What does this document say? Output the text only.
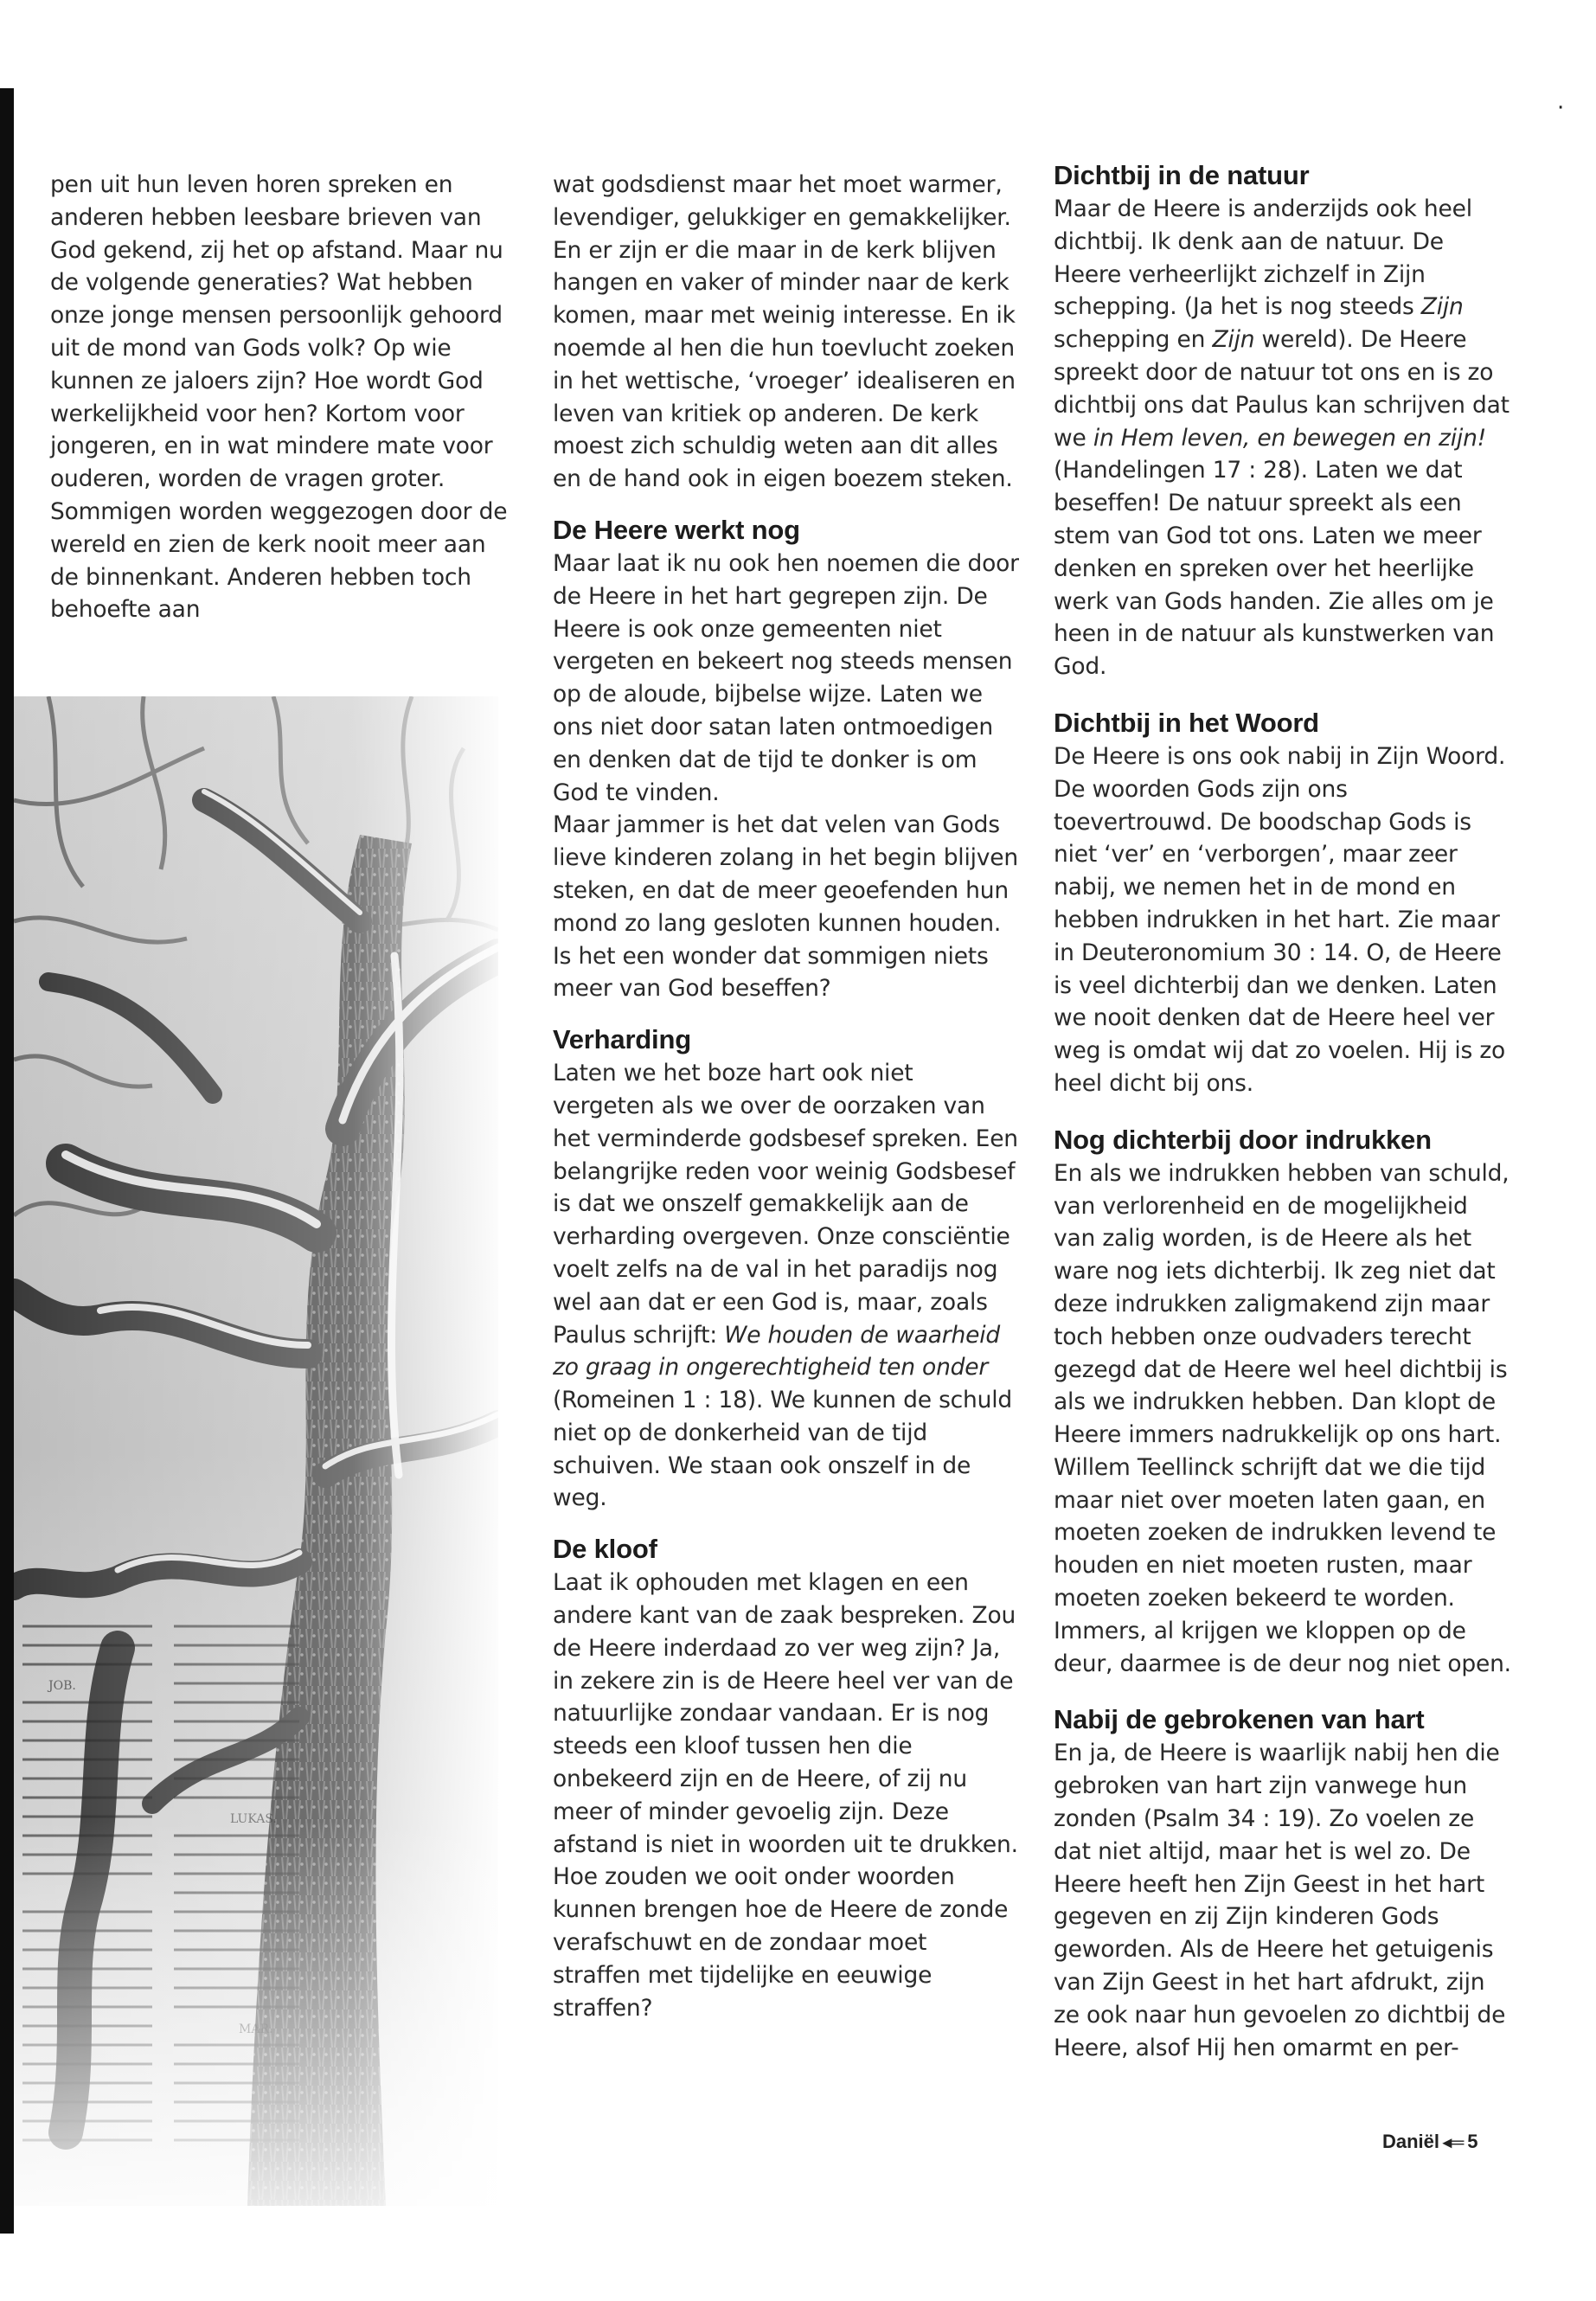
·

pen uit hun leven horen spreken en anderen hebben leesbare brieven van God gekend, zij het op afstand. Maar nu de volgende generaties? Wat hebben onze jonge mensen persoonlijk gehoord uit de mond van Gods volk? Op wie kunnen ze jaloers zijn? Hoe wordt God werkelijkheid voor hen? Kortom voor jongeren, en in wat mindere mate voor ouderen, worden de vragen groter. Sommigen worden weggezogen door de wereld en zien de kerk nooit meer aan de binnenkant. Anderen hebben toch behoefte aan

wat godsdienst maar het moet warmer, levendiger, gelukkiger en gemakkelijker. En er zijn er die maar in de kerk blijven hangen en vaker of minder naar de kerk komen, maar met weinig interesse. En ik noemde al hen die hun toevlucht zoeken in het wettische, ‘vroeger’ idealiseren en leven van kritiek op anderen. De kerk moest zich schuldig weten aan dit alles en de hand ook in eigen boezem steken.

De Heere werkt nog

Maar laat ik nu ook hen noemen die door de Heere in het hart gegrepen zijn. De Heere is ook onze gemeenten niet vergeten en bekeert nog steeds mensen op de aloude, bijbelse wijze. Laten we ons niet door satan laten ontmoedigen en denken dat de tijd te donker is om God te vinden.

Maar jammer is het dat velen van Gods lieve kinderen zolang in het begin blijven steken, en dat de meer geoefenden hun mond zo lang gesloten kunnen houden. Is het een wonder dat sommigen niets meer van God beseffen?

Verharding

Laten we het boze hart ook niet vergeten als we over de oorzaken van het verminderde godsbesef spreken. Een belangrijke reden voor weinig Godsbesef is dat we onszelf gemakkelijk aan de verharding overgeven. Onze consciëntie voelt zelfs na de val in het paradijs nog wel aan dat er een God is, maar, zoals Paulus schrijft: We houden de waarheid zo graag in ongerechtigheid ten onder (Romeinen 1 : 18). We kunnen de schuld niet op de donkerheid van de tijd schuiven. We staan ook onszelf in de weg.

De kloof

Laat ik ophouden met klagen en een andere kant van de zaak bespreken. Zou de Heere inderdaad zo ver weg zijn? Ja, in zekere zin is de Heere heel ver van de natuurlijke zondaar vandaan. Er is nog steeds een kloof tussen hen die onbekeerd zijn en de Heere, of zij nu meer of minder gevoelig zijn. Deze afstand is niet in woorden uit te drukken. Hoe zouden we ooit onder woorden kunnen brengen hoe de Heere de zonde verafschuwt en de zondaar moet straffen met tijdelijke en eeuwige straffen?

Dichtbij in de natuur

Maar de Heere is anderzijds ook heel dichtbij. Ik denk aan de natuur. De Heere verheerlijkt zichzelf in Zijn schepping. (Ja het is nog steeds Zijn schepping en Zijn wereld). De Heere spreekt door de natuur tot ons en is zo dichtbij ons dat Paulus kan schrijven dat we in Hem leven, en bewegen en zijn! (Handelingen 17 : 28). Laten we dat beseffen! De natuur spreekt als een stem van God tot ons. Laten we meer denken en spreken over het heerlijke werk van Gods handen. Zie alles om je heen in de natuur als kunstwerken van God.

Dichtbij in het Woord

De Heere is ons ook nabij in Zijn Woord. De woorden Gods zijn ons toevertrouwd. De boodschap Gods is niet ‘ver’ en ‘verborgen’, maar zeer nabij, we nemen het in de mond en hebben indrukken in het hart. Zie maar in Deuteronomium 30 : 14. O, de Heere is veel dichterbij dan we denken. Laten we nooit denken dat de Heere heel ver weg is omdat wij dat zo voelen. Hij is zo heel dicht bij ons.

Nog dichterbij door indrukken

En als we indrukken hebben van schuld, van verlorenheid en de mogelijkheid van zalig worden, is de Heere als het ware nog iets dichterbij. Ik zeg niet dat deze indrukken zaligmakend zijn maar toch hebben onze oudvaders terecht gezegd dat de Heere wel heel dichtbij is als we indrukken hebben. Dan klopt de Heere immers nadrukkelijk op ons hart. Willem Teellinck schrijft dat we die tijd maar niet over moeten laten gaan, en moeten zoeken de indrukken levend te houden en niet moeten rusten, maar moeten zoeken bekeerd te worden. Immers, al krijgen we kloppen op de deur, daarmee is de deur nog niet open.

Nabij de gebrokenen van hart

En ja, de Heere is waarlijk nabij hen die gebroken van hart zijn vanwege hun zonden (Psalm 34 : 19). Zo voelen ze dat niet altijd, maar het is wel zo. De Heere heeft hen Zijn Geest in het hart gegeven en zij Zijn kinderen Gods geworden. Als de Heere het getuigenis van Zijn Geest in het hart afdrukt, zijn ze ook naar hun gevoelen zo dichtbij de Heere, alsof Hij hen omarmt en per-

Daniël ◂═ 5
